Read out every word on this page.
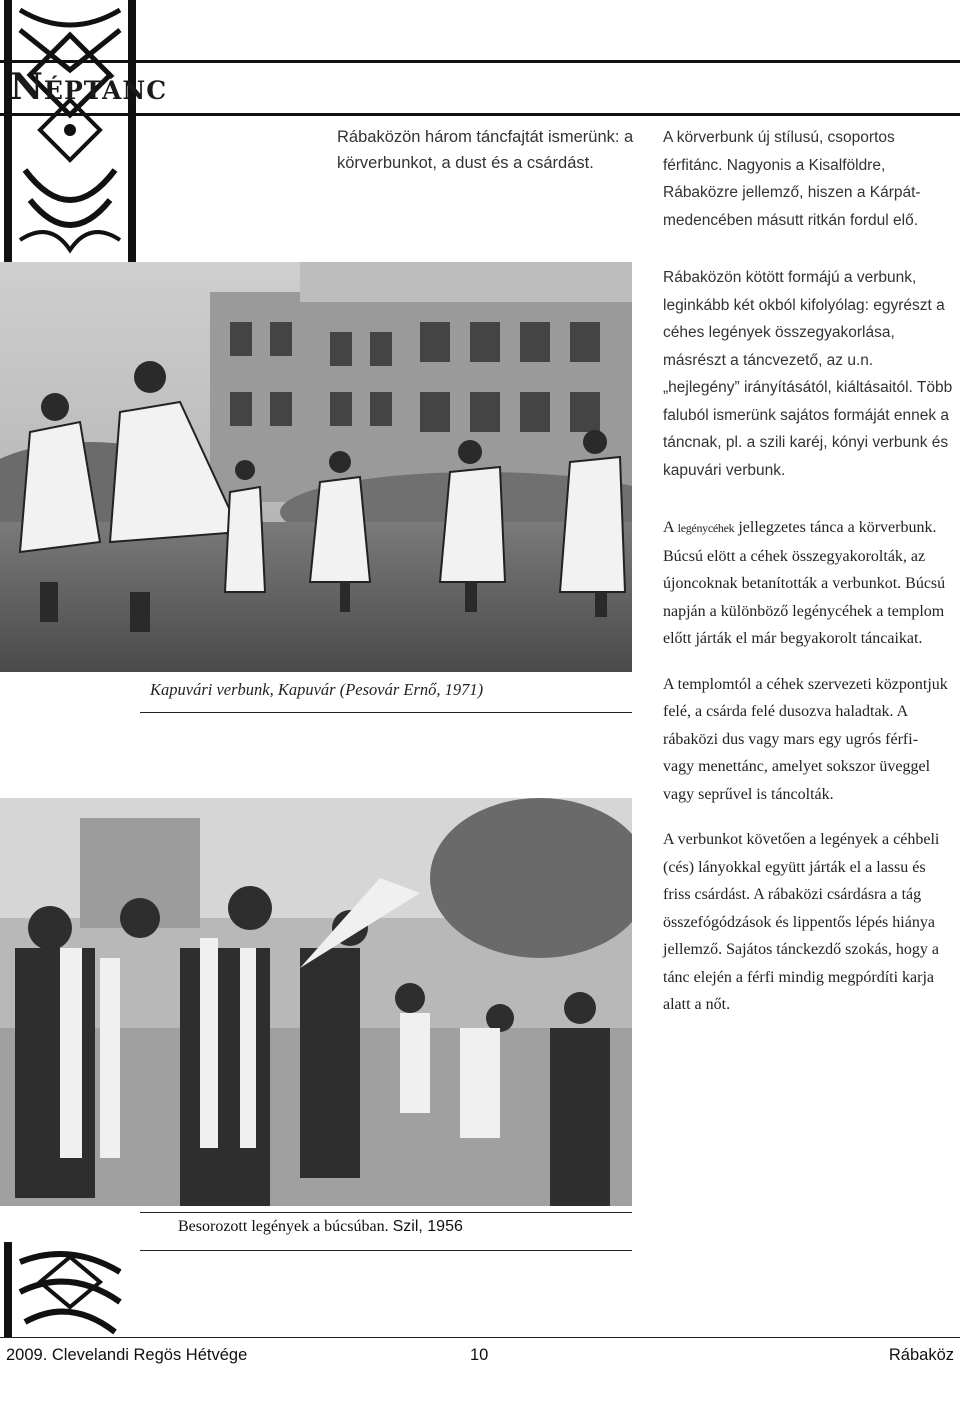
Néptánc
Rábaközön három táncfajtát ismerünk: a körverbunkot, a dust és a csárdást.
Kapuvári verbunk, Kapuvár (Pesovár Ernő, 1971)
Besorozott legények a búcsúban. Szil, 1956

A körverbunk új stílusú, csoportos férfitánc. Nagyonis a Kisalföldre, Rábaközre jellemző, hiszen a Kárpát-medencében másutt ritkán fordul elő.

Rábaközön kötött formájú a verbunk, leginkább két okból kifolyólag: egyrészt a céhes legények összegyakorlása, másrészt a táncvezető, az u.n. „hejlegény” irányításától, kiáltásaitól. Több faluból ismerünk sajátos formáját ennek a táncnak, pl. a szili karéj, kónyi verbunk és kapuvári verbunk.

A legénycéhek jellegzetes tánca a körverbunk. Búcsú elött a céhek összegyakorolták, az újoncoknak betanították a verbunkot. Búcsú napján a különböző legénycéhek a templom előtt járták el már begyakorolt táncaikat.

A templomtól a céhek szervezeti központjuk felé, a csárda felé dusozva haladtak. A rábaközi dus vagy mars egy ugrós férfi- vagy menettánc, amelyet sokszor üveggel vagy seprűvel is táncolták.

A verbunkot követően a legények a céhbeli (cés) lányokkal együtt járták el a lassu és friss csárdást. A rábaközi csárdásra a tág összefógódzások és lippentős lépés hiánya jellemző. Sajátos tánckezdő szokás, hogy a tánc elején a férfi mindig megpórdíti karja alatt a nőt.

2009. Clevelandi Regös Hétvége	10	Rábaköz
